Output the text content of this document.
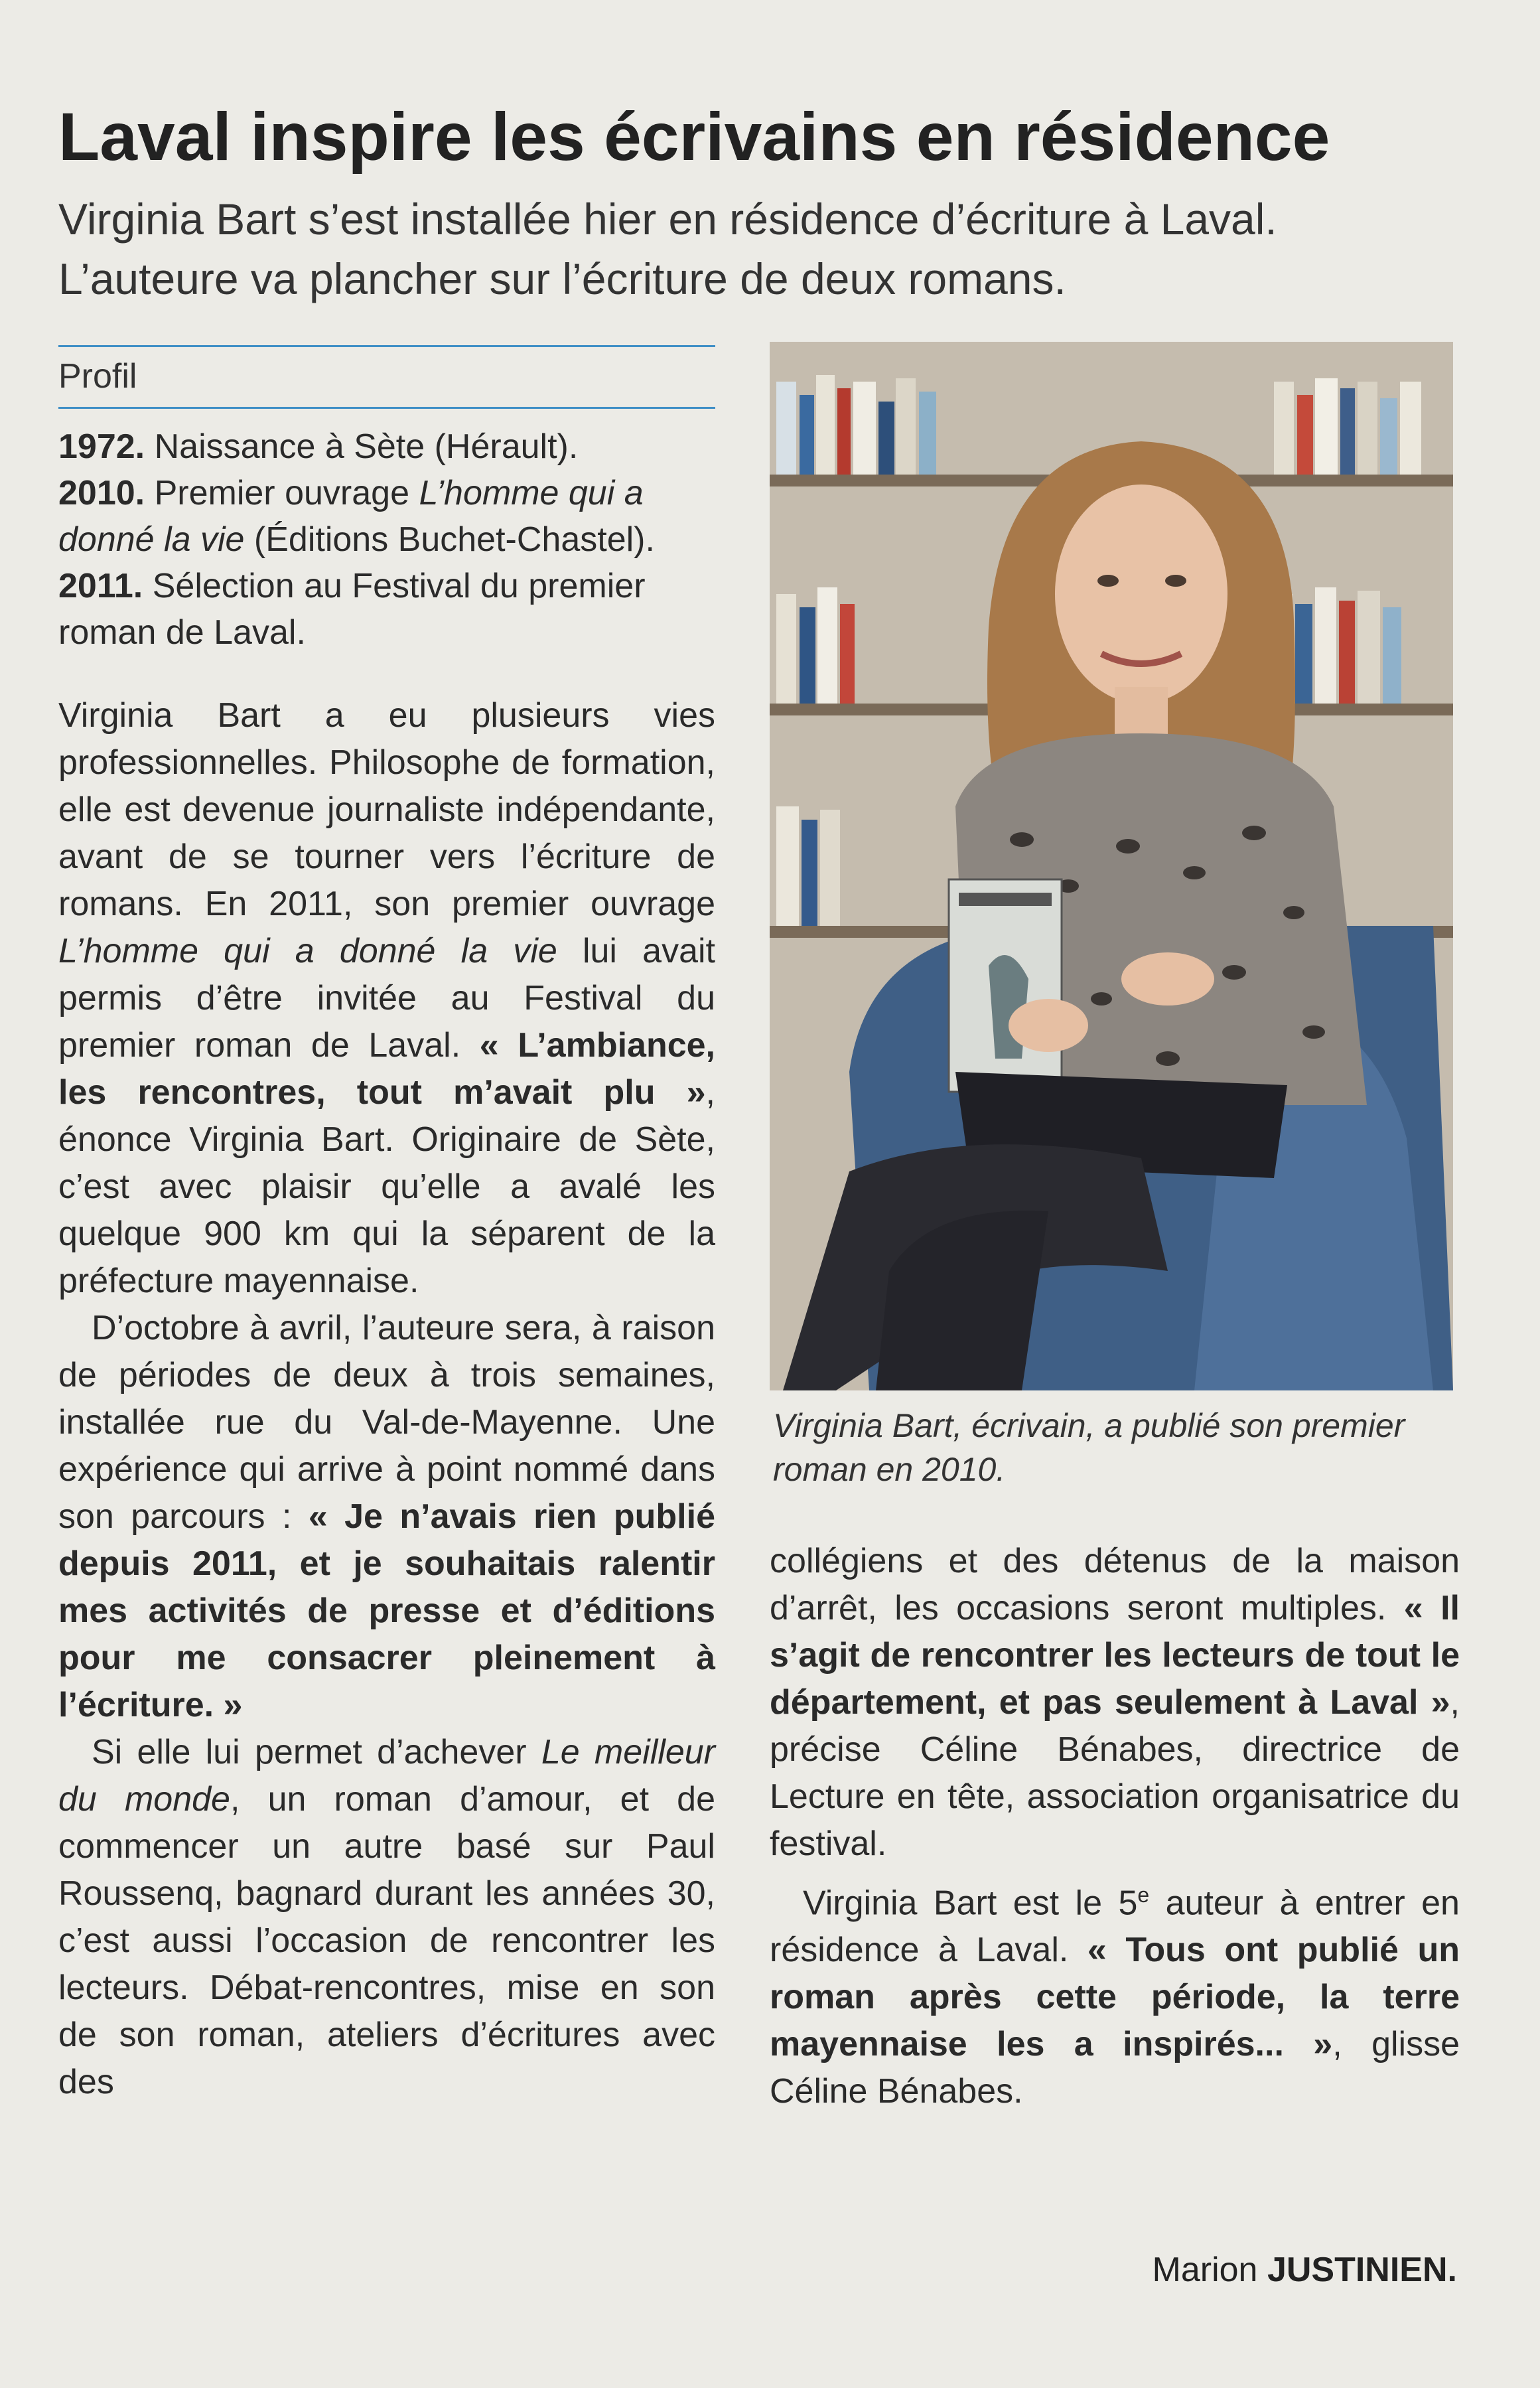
Laval inspire les écrivains en résidence

Virginia Bart s’est installée hier en résidence d’écriture à Laval. L’auteure va plancher sur l’écriture de deux romans.

Profil

1972. Naissance à Sète (Hérault).

2010. Premier ouvrage L’homme qui a donné la vie (Éditions Buchet-Chastel).

2011. Sélection au Festival du premier roman de Laval.

Virginia Bart a eu plusieurs vies professionnelles. Philosophe de formation, elle est devenue journaliste indépendante, avant de se tourner vers l’écriture de romans. En 2011, son premier ouvrage L’homme qui a donné la vie lui avait permis d’être invitée au Festival du premier roman de Laval. « L’ambiance, les rencontres, tout m’avait plu », énonce Virginia Bart. Originaire de Sète, c’est avec plaisir qu’elle a avalé les quelque 900 km qui la séparent de la préfecture mayennaise.

D’octobre à avril, l’auteure sera, à raison de périodes de deux à trois semaines, installée rue du Val-de-Mayenne. Une expérience qui arrive à point nommé dans son parcours : « Je n’avais rien publié depuis 2011, et je souhaitais ralentir mes activités de presse et d’éditions pour me consacrer pleinement à l’écriture. »

Si elle lui permet d’achever Le meilleur du monde, un roman d’amour, et de commencer un autre basé sur Paul Roussenq, bagnard durant les années 30, c’est aussi l’occasion de rencontrer les lecteurs. Débat-rencontres, mise en son de son roman, ateliers d’écritures avec des

Virginia Bart, écrivain, a publié son premier roman en 2010.

collégiens et des détenus de la maison d’arrêt, les occasions seront multiples. « Il s’agit de rencontrer les lecteurs de tout le département, et pas seulement à Laval », précise Céline Bénabes, directrice de Lecture en tête, association organisatrice du festival.

Virginia Bart est le 5e auteur à entrer en résidence à Laval. « Tous ont publié un roman après cette période, la terre mayennaise les a inspirés... », glisse Céline Bénabes.

Marion JUSTINIEN.
